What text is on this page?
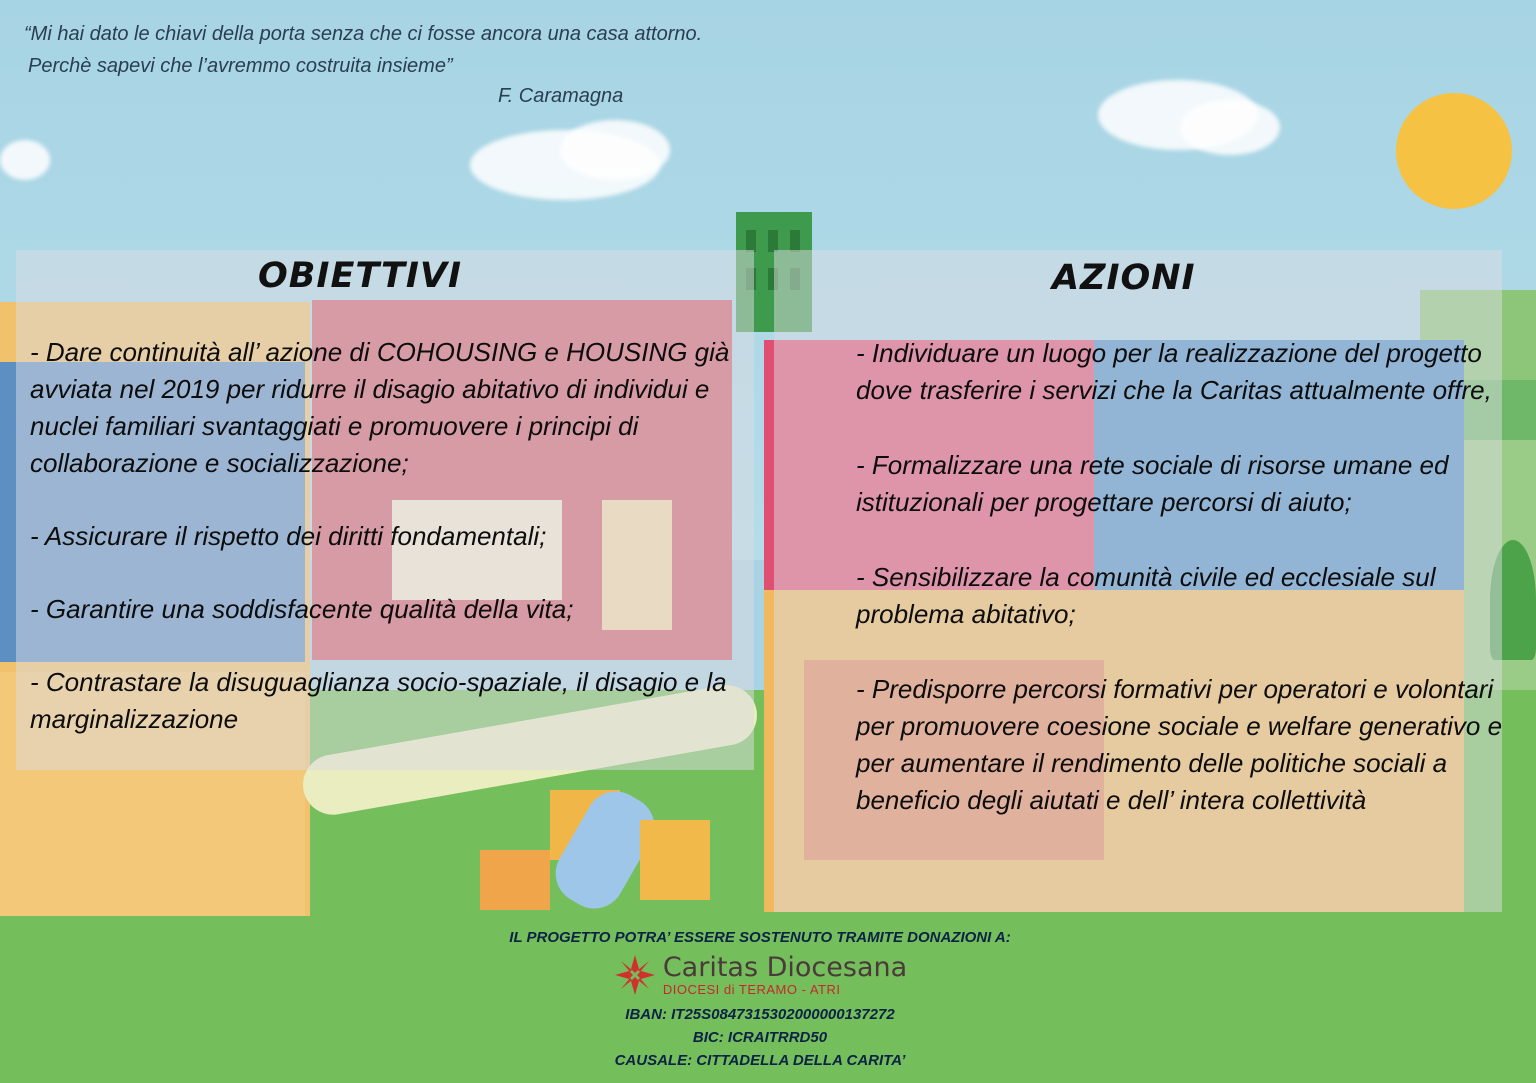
“Mi hai dato le chiavi della porta senza che ci fosse ancora una casa attorno.
Perchè sapevi che l’avremmo costruita insieme”
F. Caramagna
OBIETTIVI	AZIONI
- Dare continuità all’ azione di COHOUSING e HOUSING già avviata nel 2019 per ridurre il disagio abitativo di individui e nuclei familiari svantaggiati e promuovere i principi di collaborazione e socializzazione;
- Assicurare il rispetto dei diritti fondamentali;
- Garantire una soddisfacente qualità della vita;
- Contrastare la disuguaglianza socio-spaziale, il disagio e la marginalizzazione
- Individuare un luogo per la realizzazione del progetto dove trasferire i servizi che la Caritas attualmente offre,
- Formalizzare una rete sociale di risorse umane ed istituzionali per progettare percorsi di aiuto;
- Sensibilizzare la comunità civile ed ecclesiale sul problema abitativo;
- Predisporre percorsi formativi per operatori e volontari per promuovere coesione sociale e welfare generativo e per aumentare il rendimento delle politiche sociali a beneficio degli aiutati e dell’ intera collettività
IL PROGETTO POTRA’ ESSERE SOSTENUTO TRAMITE DONAZIONI A:
Caritas Diocesana
DIOCESI di TERAMO - ATRI
IBAN: IT25S0847315302000000137272
BIC: ICRAITRRD50
CAUSALE: CITTADELLA DELLA CARITA’
